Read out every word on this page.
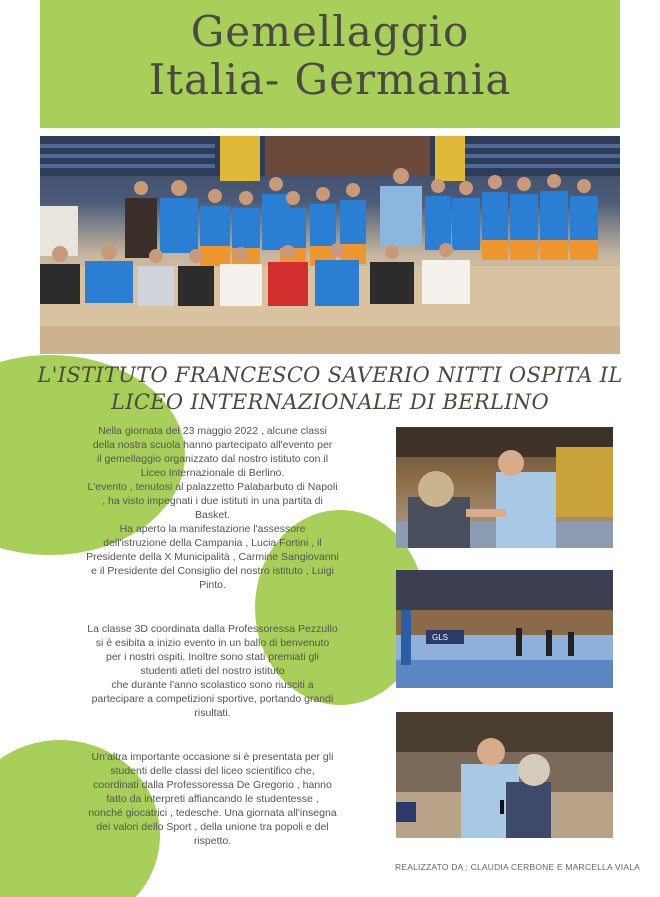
Gemellaggio
Italia- Germania
L'ISTITUTO FRANCESCO SAVERIO NITTI OSPITA IL
LICEO INTERNAZIONALE DI BERLINO

Nella giornata del 23 maggio 2022 , alcune classi

della nostra scuola hanno partecipato all'evento per

il gemellaggio organizzato dal nostro istituto con il

Liceo Internazionale di Berlino.

L'evento , tenutosi al palazzetto Palabarbuto di Napoli

, ha visto impegnati i due istituti in una partita di

Basket.

Ha aperto la manifestazione l'assessore

dell'istruzione della Campania , Lucia Fortini , il

Presidente della X Municipalità , Carmine Sangiovanni

e il Presidente del Consiglio del nostro istituto , Luigi

Pinto.

La classe 3D coordinata dalla Professoressa Pezzullo

si è esibita a inizio evento in un ballo di benvenuto

per i nostri ospiti. Inoltre sono stati premiati gli

studenti atleti del nostro istituto

che durante l'anno scolastico sono riusciti a

partecipare a competizioni sportive, portando grandi

risultati.

Un'altra importante occasione si è presentata per gli

studenti delle classi del liceo scientifico che,

coordinati dalla Professoressa De Gregorio , hanno

fatto da interpreti affiancando le studentesse ,

nonché giocatrici , tedesche. Una giornata all'insegna

dei valori dello Sport , della unione tra popoli e del

rispetto.

GLS
REALIZZATO DA : CLAUDIA CERBONE E MARCELLA VIALA
